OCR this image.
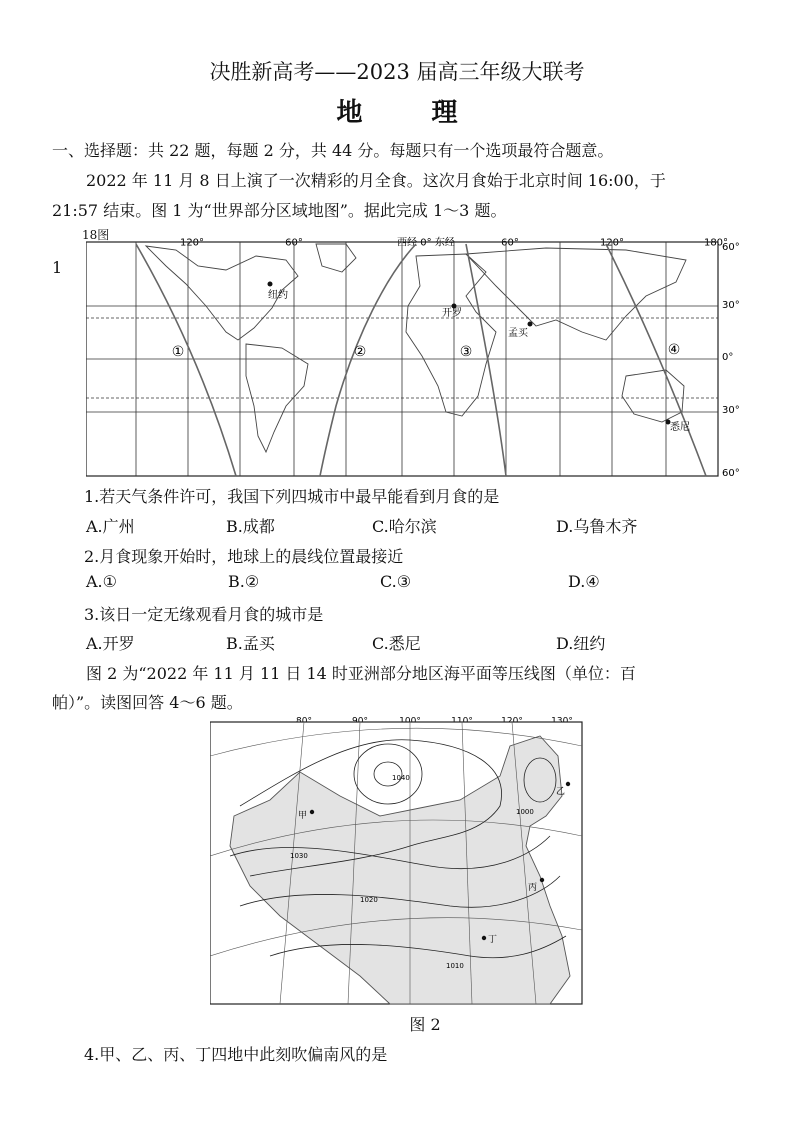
决胜新高考——2023 届高三年级大联考
地 理
一、选择题：共 22 题，每题 2 分，共 44 分。每题只有一个选项最符合题意。
2022 年 11 月 8 日上演了一次精彩的月全食。这次月食始于北京时间 16:00，于
21:57 结束。图 1 为“世界部分区域地图”。据此完成 1～3 题。
1
18图
120°	60°	西经 0° 东经	60°	120°	180°
60°
30°
0°
30°
60°
①	②	③	④
纽约
开罗
孟买
悉尼
1.若天气条件许可，我国下列四城市中最早能看到月食的是
A.广州	B.成都	C.哈尔滨	D.乌鲁木齐
2.月食现象开始时，地球上的晨线位置最接近
A.①	B.②	C.③	D.④
3.该日一定无缘观看月食的城市是
A.开罗	B.孟买	C.悉尼	D.纽约
图 2 为“2022 年 11 月 11 日 14 时亚洲部分地区海平面等压线图（单位：百
帕）”。读图回答 4～6 题。
1040
1030
1020
1010
1000
甲
乙
丙
丁
图 2
4.甲、乙、丙、丁四地中此刻吹偏南风的是
